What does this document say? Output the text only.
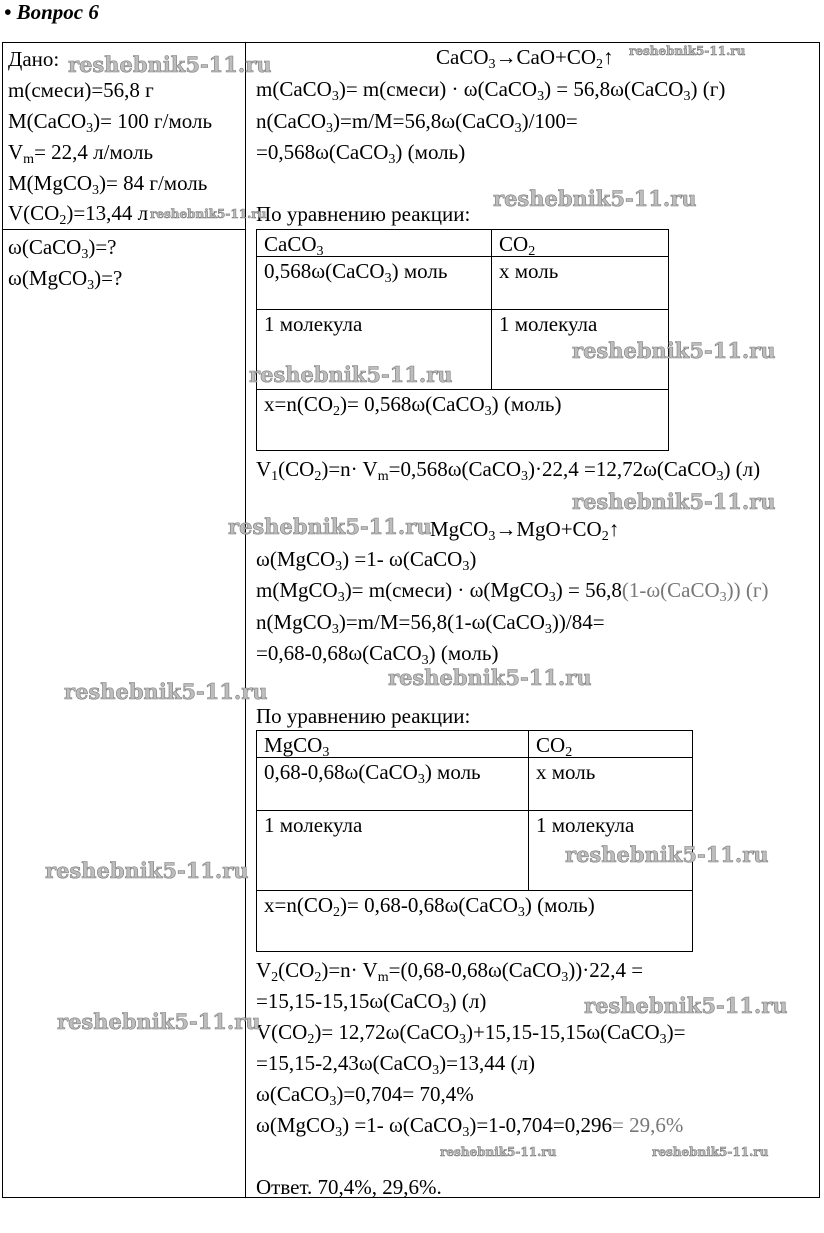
• Вопрос 6
Дано:
m(смеси)=56,8 г
M(CaCO$_3$)= 100 г/моль
$V_m= 22,4$ л/моль
M(MgCO$_3$)= 84 г/моль
$V(CO_2)=13,44$ л
ω(CaCO$_3$)=?
ω(MgCO$_3$)=?
$CaCO_3\to CaO+CO_2↑$
m(CaCO$_3$)= m(смеси) · ω(CaCO$_3$) = 56,8ω(CaCO$_3$) (г)
n(CaCO$_3$)=m/M=56,8ω(CaCO$_3$)/100=
=0,568ω(CaCO$_3$) (моль)
По уравнению реакции:
CaCO$_3$	$CO_2$
0,568ω(CaCO$_3$) моль	x моль
1 молекула	1 молекула
$x=n(CO_2)=$ 0,568ω(CaCO$_3$) (моль)	
$V_1(CO_2)=n\cdot$ $V_m=0,568\omega(CaCO_3)\cdot 22,4$ =12,72ω(CaCO$_3$) (л)
$MgCO_3\to MgO+CO_2↑$
ω(MgCO$_3$) =1- ω(CaCO$_3$)
m(MgCO$_3$)= m(смеси) · ω(MgCO$_3$) = 56,8(1-ω(CaCO$_3$)) (г)
n(MgCO$_3$)=m/M=56,8(1-ω(CaCO$_3$))/84=
=0,68-0,68ω(CaCO$_3$) (моль)
По уравнению реакции:
MgCO$_3$	$CO_2$
0,68-0,68ω(CaCO$_3$) моль	x моль
1 молекула	1 молекула
$x=n(CO_2)=$ 0,68-0,68ω(CaCO$_3$) (моль)	
$V_2(CO_2)=n\cdot$ $V_m=(0,68-0,68\omega(CaCO_3))\cdot 22,4$ =
=15,15-15,15ω(CaCO$_3$) (л)
$V(CO_2)=$ 12,72ω(CaCO$_3$)+15,15-15,15ω(CaCO$_3$)=
=15,15-2,43ω(CaCO$_3$)=13,44 (л)
ω(CaCO$_3$)=0,704= 70,4%
ω(MgCO$_3$) =1- ω(CaCO$_3$)=1-0,704=0,296= 29,6%
Ответ. 70,4%, 29,6%.
reshebnik5-11.ru
reshebnik5-11.ru
reshebnik5-11.ru
reshebnik5-11.ru
reshebnik5-11.ru
reshebnik5-11.ru
reshebnik5-11.ru
reshebnik5-11.ru
reshebnik5-11.ru
reshebnik5-11.ru
reshebnik5-11.ru
reshebnik5-11.ru
reshebnik5-11.ru
reshebnik5-11.ru
reshebnik5-11.ru	reshebnik5-11.ru
